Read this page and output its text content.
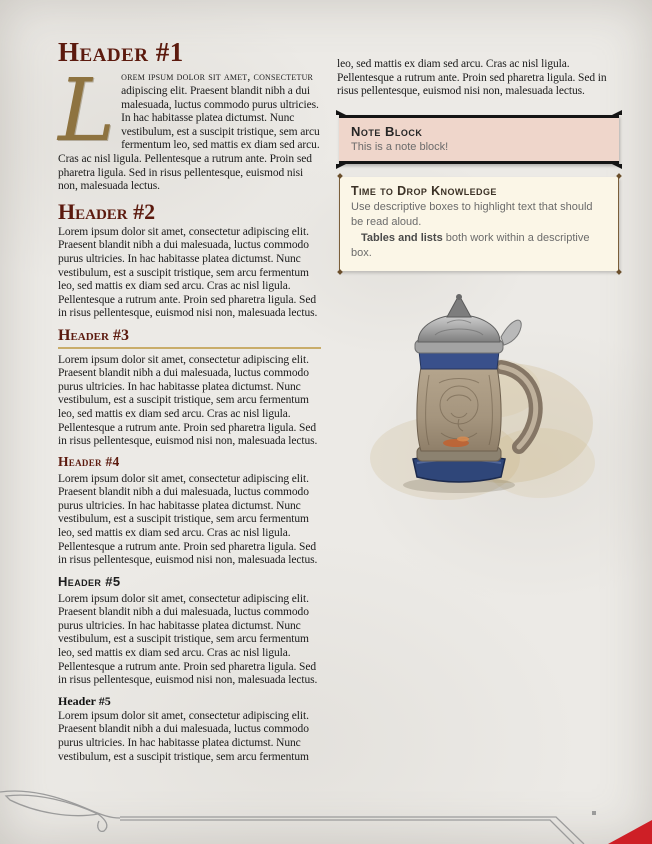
Header #1
L orem ipsum dolor sit amet, consectetur adipiscing elit. Praesent blandit nibh a dui malesuada, luctus commodo purus ultricies. In hac habitasse platea dictumst. Nunc vestibulum, est a suscipit tristique, sem arcu fermentum leo, sed mattis ex diam sed arcu. Cras ac nisl ligula. Pellentesque a rutrum ante. Proin sed pharetra ligula. Sed in risus pellentesque, euismod nisi non, malesuada lectus.

Header #2

Lorem ipsum dolor sit amet, consectetur adipiscing elit. Praesent blandit nibh a dui malesuada, luctus commodo purus ultricies. In hac habitasse platea dictumst. Nunc vestibulum, est a suscipit tristique, sem arcu fermentum leo, sed mattis ex diam sed arcu. Cras ac nisl ligula. Pellentesque a rutrum ante. Proin sed pharetra ligula. Sed in risus pellentesque, euismod nisi non, malesuada lectus.

Header #3

Lorem ipsum dolor sit amet, consectetur adipiscing elit. Praesent blandit nibh a dui malesuada, luctus commodo purus ultricies. In hac habitasse platea dictumst. Nunc vestibulum, est a suscipit tristique, sem arcu fermentum leo, sed mattis ex diam sed arcu. Cras ac nisl ligula. Pellentesque a rutrum ante. Proin sed pharetra ligula. Sed in risus pellentesque, euismod nisi non, malesuada lectus.

Header #4

Lorem ipsum dolor sit amet, consectetur adipiscing elit. Praesent blandit nibh a dui malesuada, luctus commodo purus ultricies. In hac habitasse platea dictumst. Nunc vestibulum, est a suscipit tristique, sem arcu fermentum leo, sed mattis ex diam sed arcu. Cras ac nisl ligula. Pellentesque a rutrum ante. Proin sed pharetra ligula. Sed in risus pellentesque, euismod nisi non, malesuada lectus.

Header #5

Lorem ipsum dolor sit amet, consectetur adipiscing elit. Praesent blandit nibh a dui malesuada, luctus commodo purus ultricies. In hac habitasse platea dictumst. Nunc vestibulum, est a suscipit tristique, sem arcu fermentum leo, sed mattis ex diam sed arcu. Cras ac nisl ligula. Pellentesque a rutrum ante. Proin sed pharetra ligula. Sed in risus pellentesque, euismod nisi non, malesuada lectus.

Header #5

Lorem ipsum dolor sit amet, consectetur adipiscing elit. Praesent blandit nibh a dui malesuada, luctus commodo purus ultricies. In hac habitasse platea dictumst. Nunc vestibulum, est a suscipit tristique, sem arcu fermentum

leo, sed mattis ex diam sed arcu. Cras ac nisl ligula. Pellentesque a rutrum ante. Proin sed pharetra ligula. Sed in risus pellentesque, euismod nisi non, malesuada lectus.

Note Block
This is a note block!
Time to Drop Knowledge

Use descriptive boxes to highlight text that should be read aloud.

Tables and lists both work within a descriptive box.
